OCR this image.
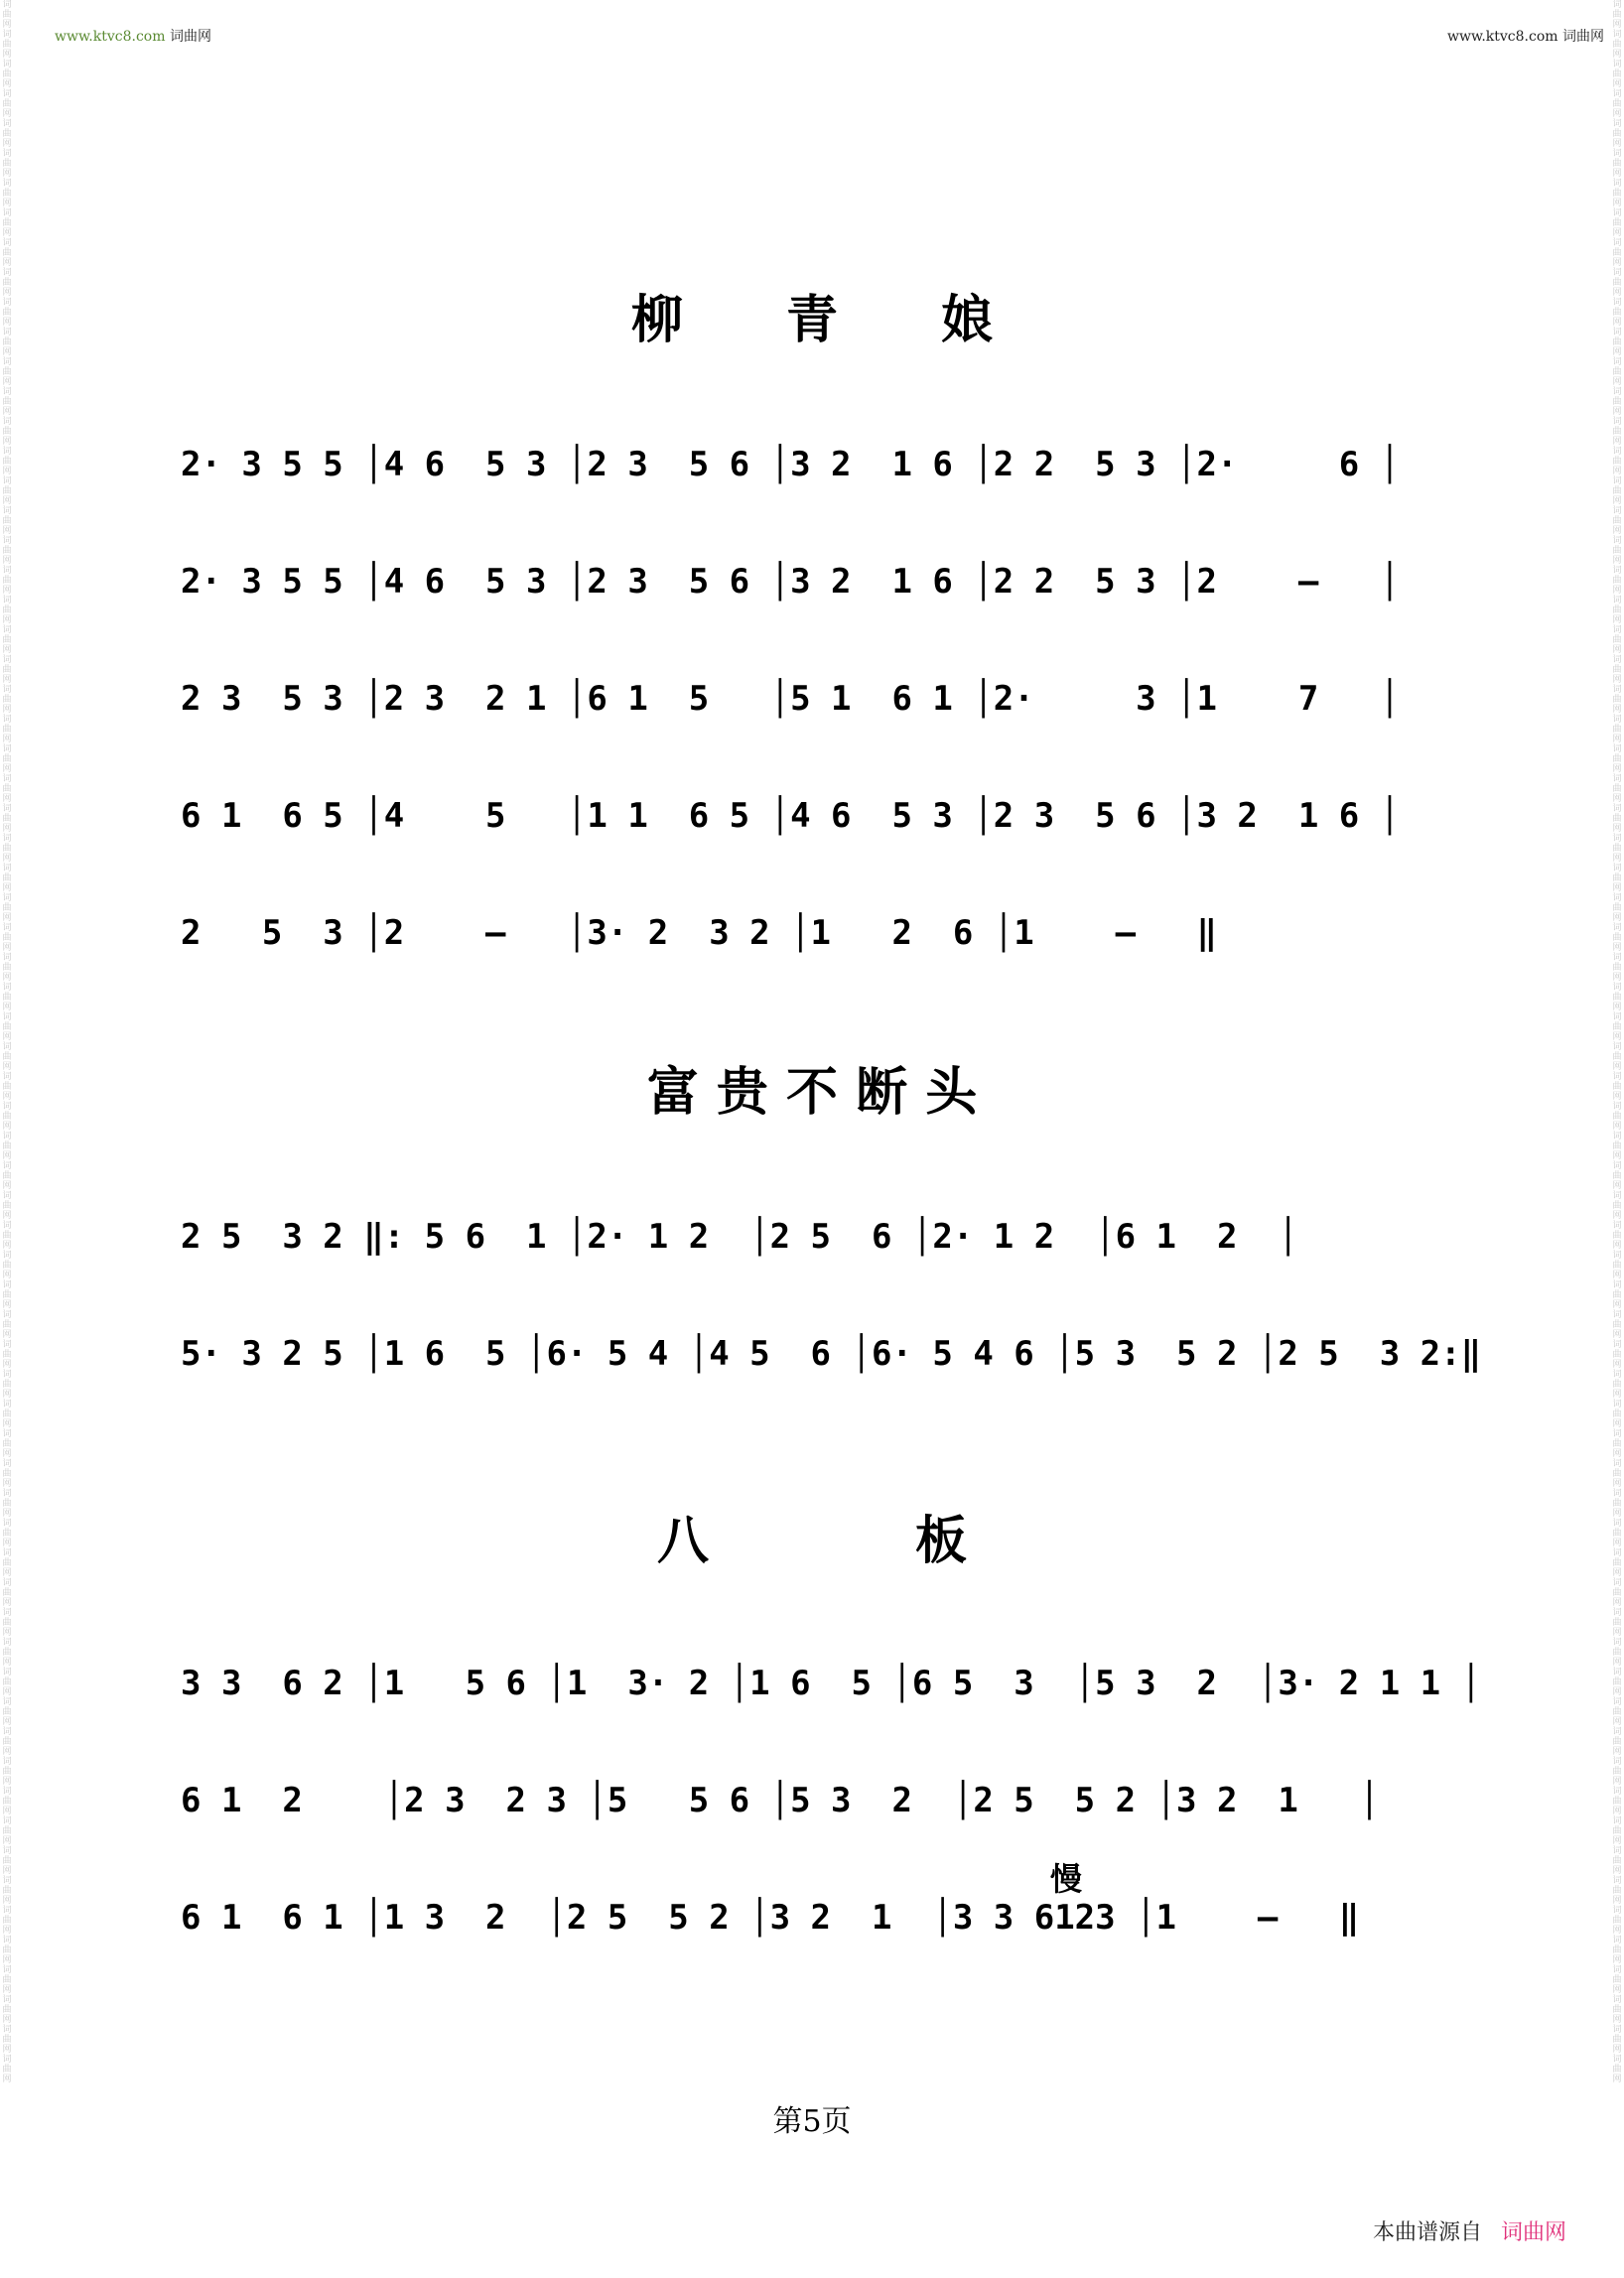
www.ktvc8.com 词曲网	www.ktvc8.com 词曲网
词曲网词曲网词曲网词曲网词曲网词曲网词曲网词曲网词曲网词曲网词曲网词曲网词曲网词曲网词曲网词曲网词曲网词曲网词曲网词曲网词曲网词曲网词曲网词曲网词曲网词曲网词曲网词曲网词曲网词曲网词曲网词曲网词曲网词曲网词曲网词曲网词曲网词曲网词曲网词曲网词曲网词曲网词曲网词曲网词曲网词曲网词曲网词曲网词曲网词曲网词曲网词曲网词曲网词曲网词曲网词曲网词曲网词曲网词曲网词曲网词曲网词曲网词曲网词曲网词曲网词曲网词曲网词曲网词曲网词曲网
词曲网词曲网词曲网词曲网词曲网词曲网词曲网词曲网词曲网词曲网词曲网词曲网词曲网词曲网词曲网词曲网词曲网词曲网词曲网词曲网词曲网词曲网词曲网词曲网词曲网词曲网词曲网词曲网词曲网词曲网词曲网词曲网词曲网词曲网词曲网词曲网词曲网词曲网词曲网词曲网词曲网词曲网词曲网词曲网词曲网词曲网词曲网词曲网词曲网词曲网词曲网词曲网词曲网词曲网词曲网词曲网词曲网词曲网词曲网词曲网词曲网词曲网词曲网词曲网词曲网词曲网词曲网词曲网词曲网词曲网
柳　　青　　娘
2· 3 5 5 │4 6  5 3 │2 3  5 6 │3 2  1 6 │2 2  5 3 │2·     6 │
2· 3 5 5 │4 6  5 3 │2 3  5 6 │3 2  1 6 │2 2  5 3 │2    –   │
2 3  5 3 │2 3  2 1 │6 1  5   │5 1  6 1 │2·     3 │1    7   │
6 1  6 5 │4    5   │1 1  6 5 │4 6  5 3 │2 3  5 6 │3 2  1 6 │
2   5  3 │2    –   │3· 2  3 2 │1   2  6 │1    –   ‖
富 贵 不 断 头
2 5  3 2 ‖: 5 6  1 │2· 1 2  │2 5  6 │2· 1 2  │6 1  2  │
5· 3 2 5 │1 6  5 │6· 5 4 │4 5  6 │6· 5 4 6 │5 3  5 2 │2 5  3 2:‖
八　　　　板
3 3  6 2 │1   5 6 │1  3· 2 │1 6  5 │6 5  3  │5 3  2  │3· 2 1 1 │
6 1  2    │2 3  2 3 │5   5 6 │5 3  2  │2 5  5 2 │3 2  1   │
6 1  6 1 │1 3  2  │2 5  5 2 │3 2  1  │3 3 6123 │1    –   ‖
慢
第5页
本曲谱源自 词曲网
